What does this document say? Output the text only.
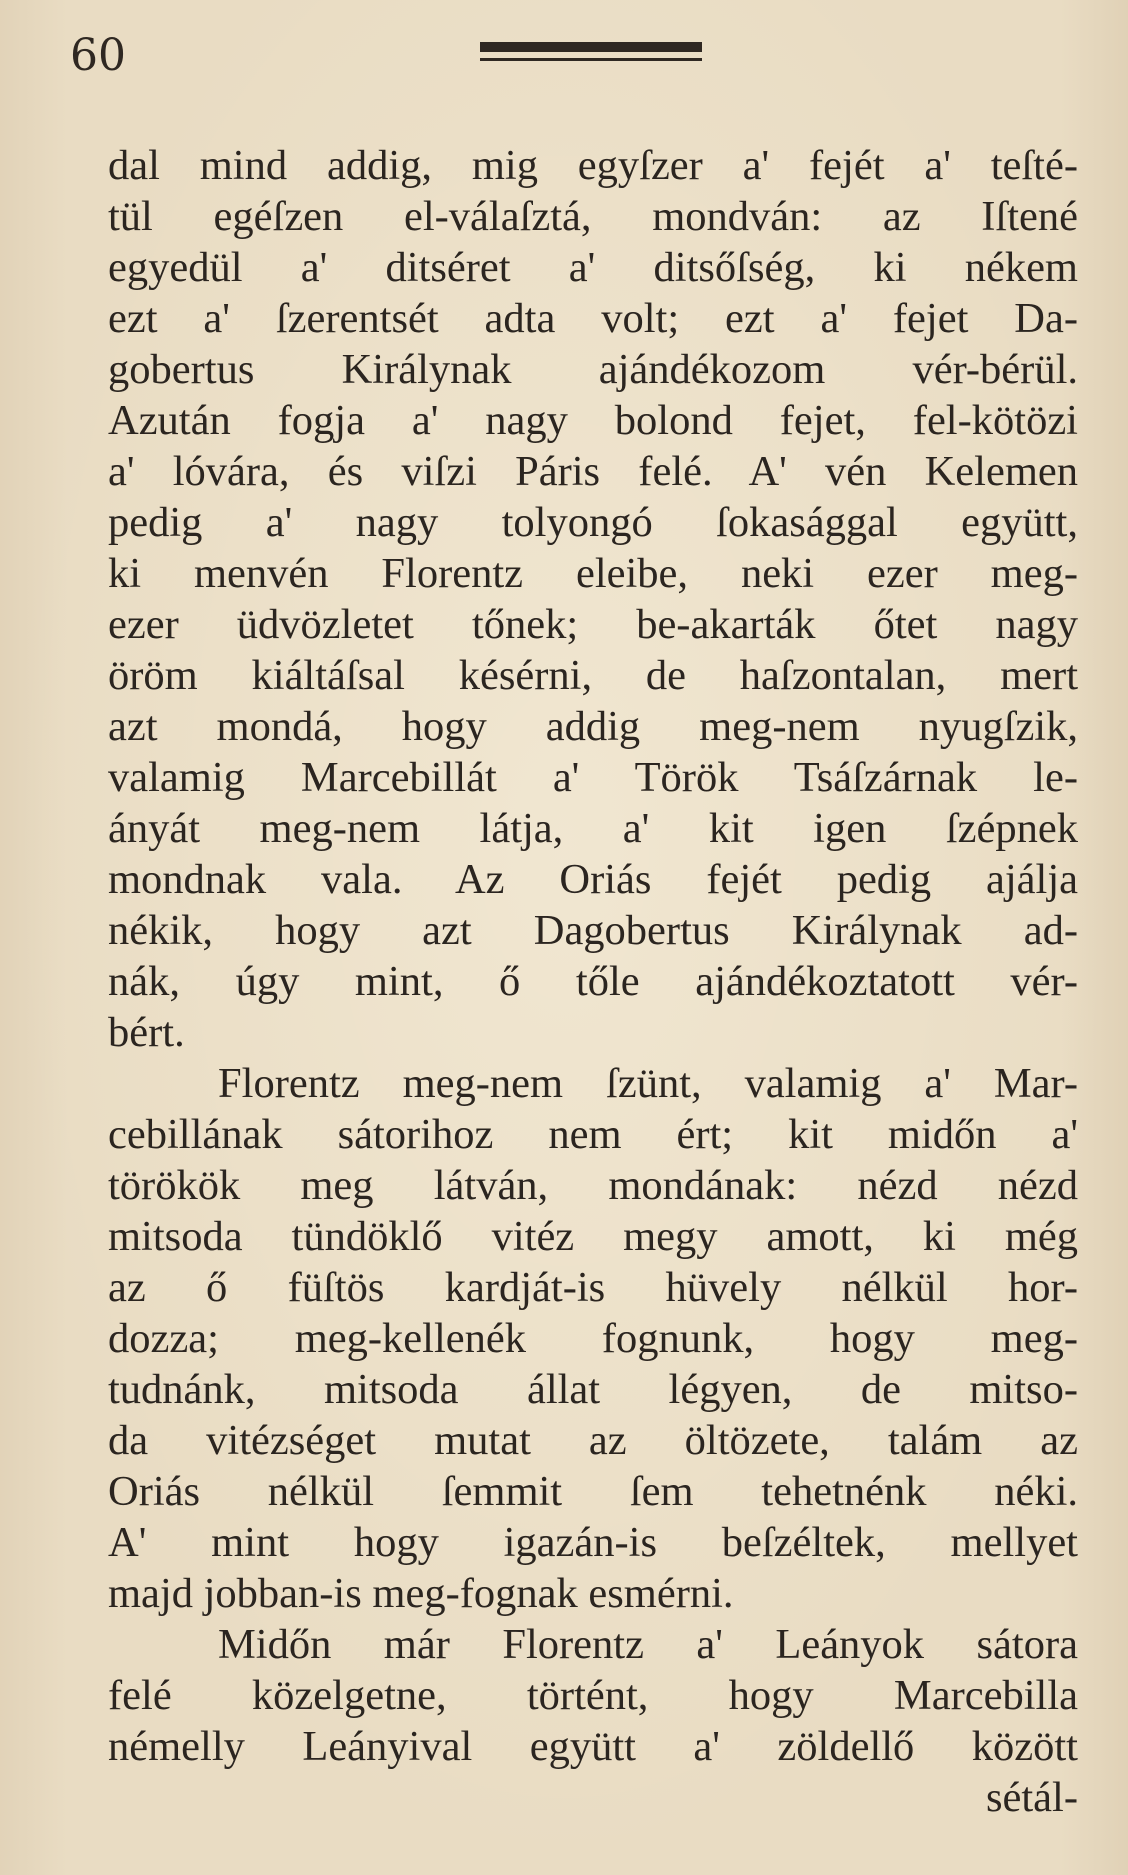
60
dal mind addig, mig egyſzer a' fejét a' teſté-
tül egéſzen el-válaſztá, mondván: az Iſtené
egyedül a' ditséret a' ditsőſség, ki nékem
ezt a' ſzerentsét adta volt; ezt a' fejet Da-
gobertus Királynak ajándékozom vér-bérül.
Azután fogja a' nagy bolond fejet, fel-kötözi
a' lóvára, és viſzi Páris felé. A' vén Kelemen
pedig a' nagy tolyongó ſokasággal együtt,
ki menvén Florentz eleibe, neki ezer meg-
ezer üdvözletet tőnek; be-akarták őtet nagy
öröm kiáltáſsal késérni, de haſzontalan, mert
azt mondá, hogy addig meg-nem nyugſzik,
valamig Marcebillát a' Török Tsáſzárnak le-
ányát meg-nem látja, a' kit igen ſzépnek
mondnak vala. Az Oriás fejét pedig ajálja
nékik, hogy azt Dagobertus Királynak ad-
nák, úgy mint, ő tőle ajándékoztatott vér-
bért.
Florentz meg-nem ſzünt, valamig a' Mar-
cebillának sátorihoz nem ért; kit midőn a'
törökök meg látván, mondának: nézd nézd
mitsoda tündöklő vitéz megy amott, ki még
az ő füſtös kardját-is hüvely nélkül hor-
dozza; meg-kellenék fognunk, hogy meg-
tudnánk, mitsoda állat légyen, de mitso-
da vitézséget mutat az öltözete, talám az
Oriás nélkül ſemmit ſem tehetnénk néki.
A' mint hogy igazán-is beſzéltek, mellyet
majd jobban-is meg-fognak esmérni.
Midőn már Florentz a' Leányok sátora
felé közelgetne, történt, hogy Marcebilla
némelly Leányival együtt a' zöldellő között
sétál-
